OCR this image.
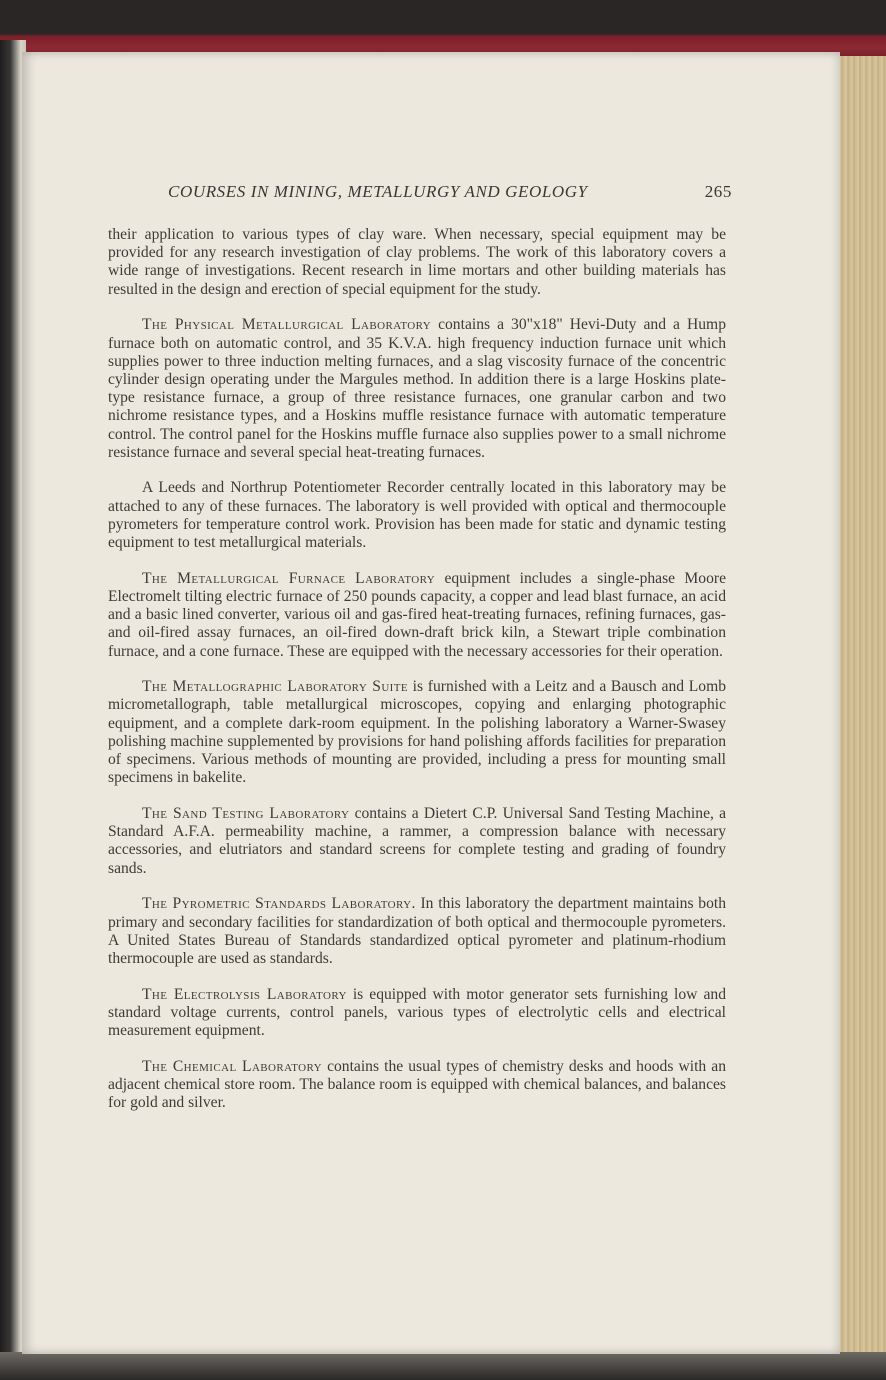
COURSES IN MINING, METALLURGY AND GEOLOGY	265

their application to various types of clay ware. When necessary, special equipment may be provided for any research investigation of clay problems. The work of this laboratory covers a wide range of investigations. Recent research in lime mortars and other building materials has resulted in the design and erection of special equipment for the study.

The Physical Metallurgical Laboratory contains a 30"x18" Hevi-Duty and a Hump furnace both on automatic control, and 35 K.V.A. high frequency induction furnace unit which supplies power to three induction melting furnaces, and a slag viscosity furnace of the concentric cylinder design operating under the Margules method. In addition there is a large Hoskins plate-type resistance furnace, a group of three resistance furnaces, one granular carbon and two nichrome resistance types, and a Hoskins muffle resistance furnace with automatic temperature control. The control panel for the Hoskins muffle furnace also supplies power to a small nichrome resistance furnace and several special heat-treating furnaces.

A Leeds and Northrup Potentiometer Recorder centrally located in this laboratory may be attached to any of these furnaces. The laboratory is well provided with optical and thermocouple pyrometers for temperature control work. Provision has been made for static and dynamic testing equipment to test metallurgical materials.

The Metallurgical Furnace Laboratory equipment includes a single-phase Moore Electromelt tilting electric furnace of 250 pounds capacity, a copper and lead blast furnace, an acid and a basic lined converter, various oil and gas-fired heat-treating furnaces, refining furnaces, gas- and oil-fired assay furnaces, an oil-fired down-draft brick kiln, a Stewart triple combination furnace, and a cone furnace. These are equipped with the necessary accessories for their operation.

The Metallographic Laboratory Suite is furnished with a Leitz and a Bausch and Lomb micrometallograph, table metallurgical microscopes, copying and enlarging photographic equipment, and a complete dark-room equipment. In the polishing laboratory a Warner-Swasey polishing machine supplemented by provisions for hand polishing affords facilities for preparation of specimens. Various methods of mounting are provided, including a press for mounting small specimens in bakelite.

The Sand Testing Laboratory contains a Dietert C.P. Universal Sand Testing Machine, a Standard A.F.A. permeability machine, a rammer, a compression balance with necessary accessories, and elutriators and standard screens for complete testing and grading of foundry sands.

The Pyrometric Standards Laboratory. In this laboratory the department maintains both primary and secondary facilities for standardization of both optical and thermocouple pyrometers. A United States Bureau of Standards standardized optical pyrometer and platinum-rhodium thermocouple are used as standards.

The Electrolysis Laboratory is equipped with motor generator sets furnishing low and standard voltage currents, control panels, various types of electrolytic cells and electrical measurement equipment.

The Chemical Laboratory contains the usual types of chemistry desks and hoods with an adjacent chemical store room. The balance room is equipped with chemical balances, and balances for gold and silver.
